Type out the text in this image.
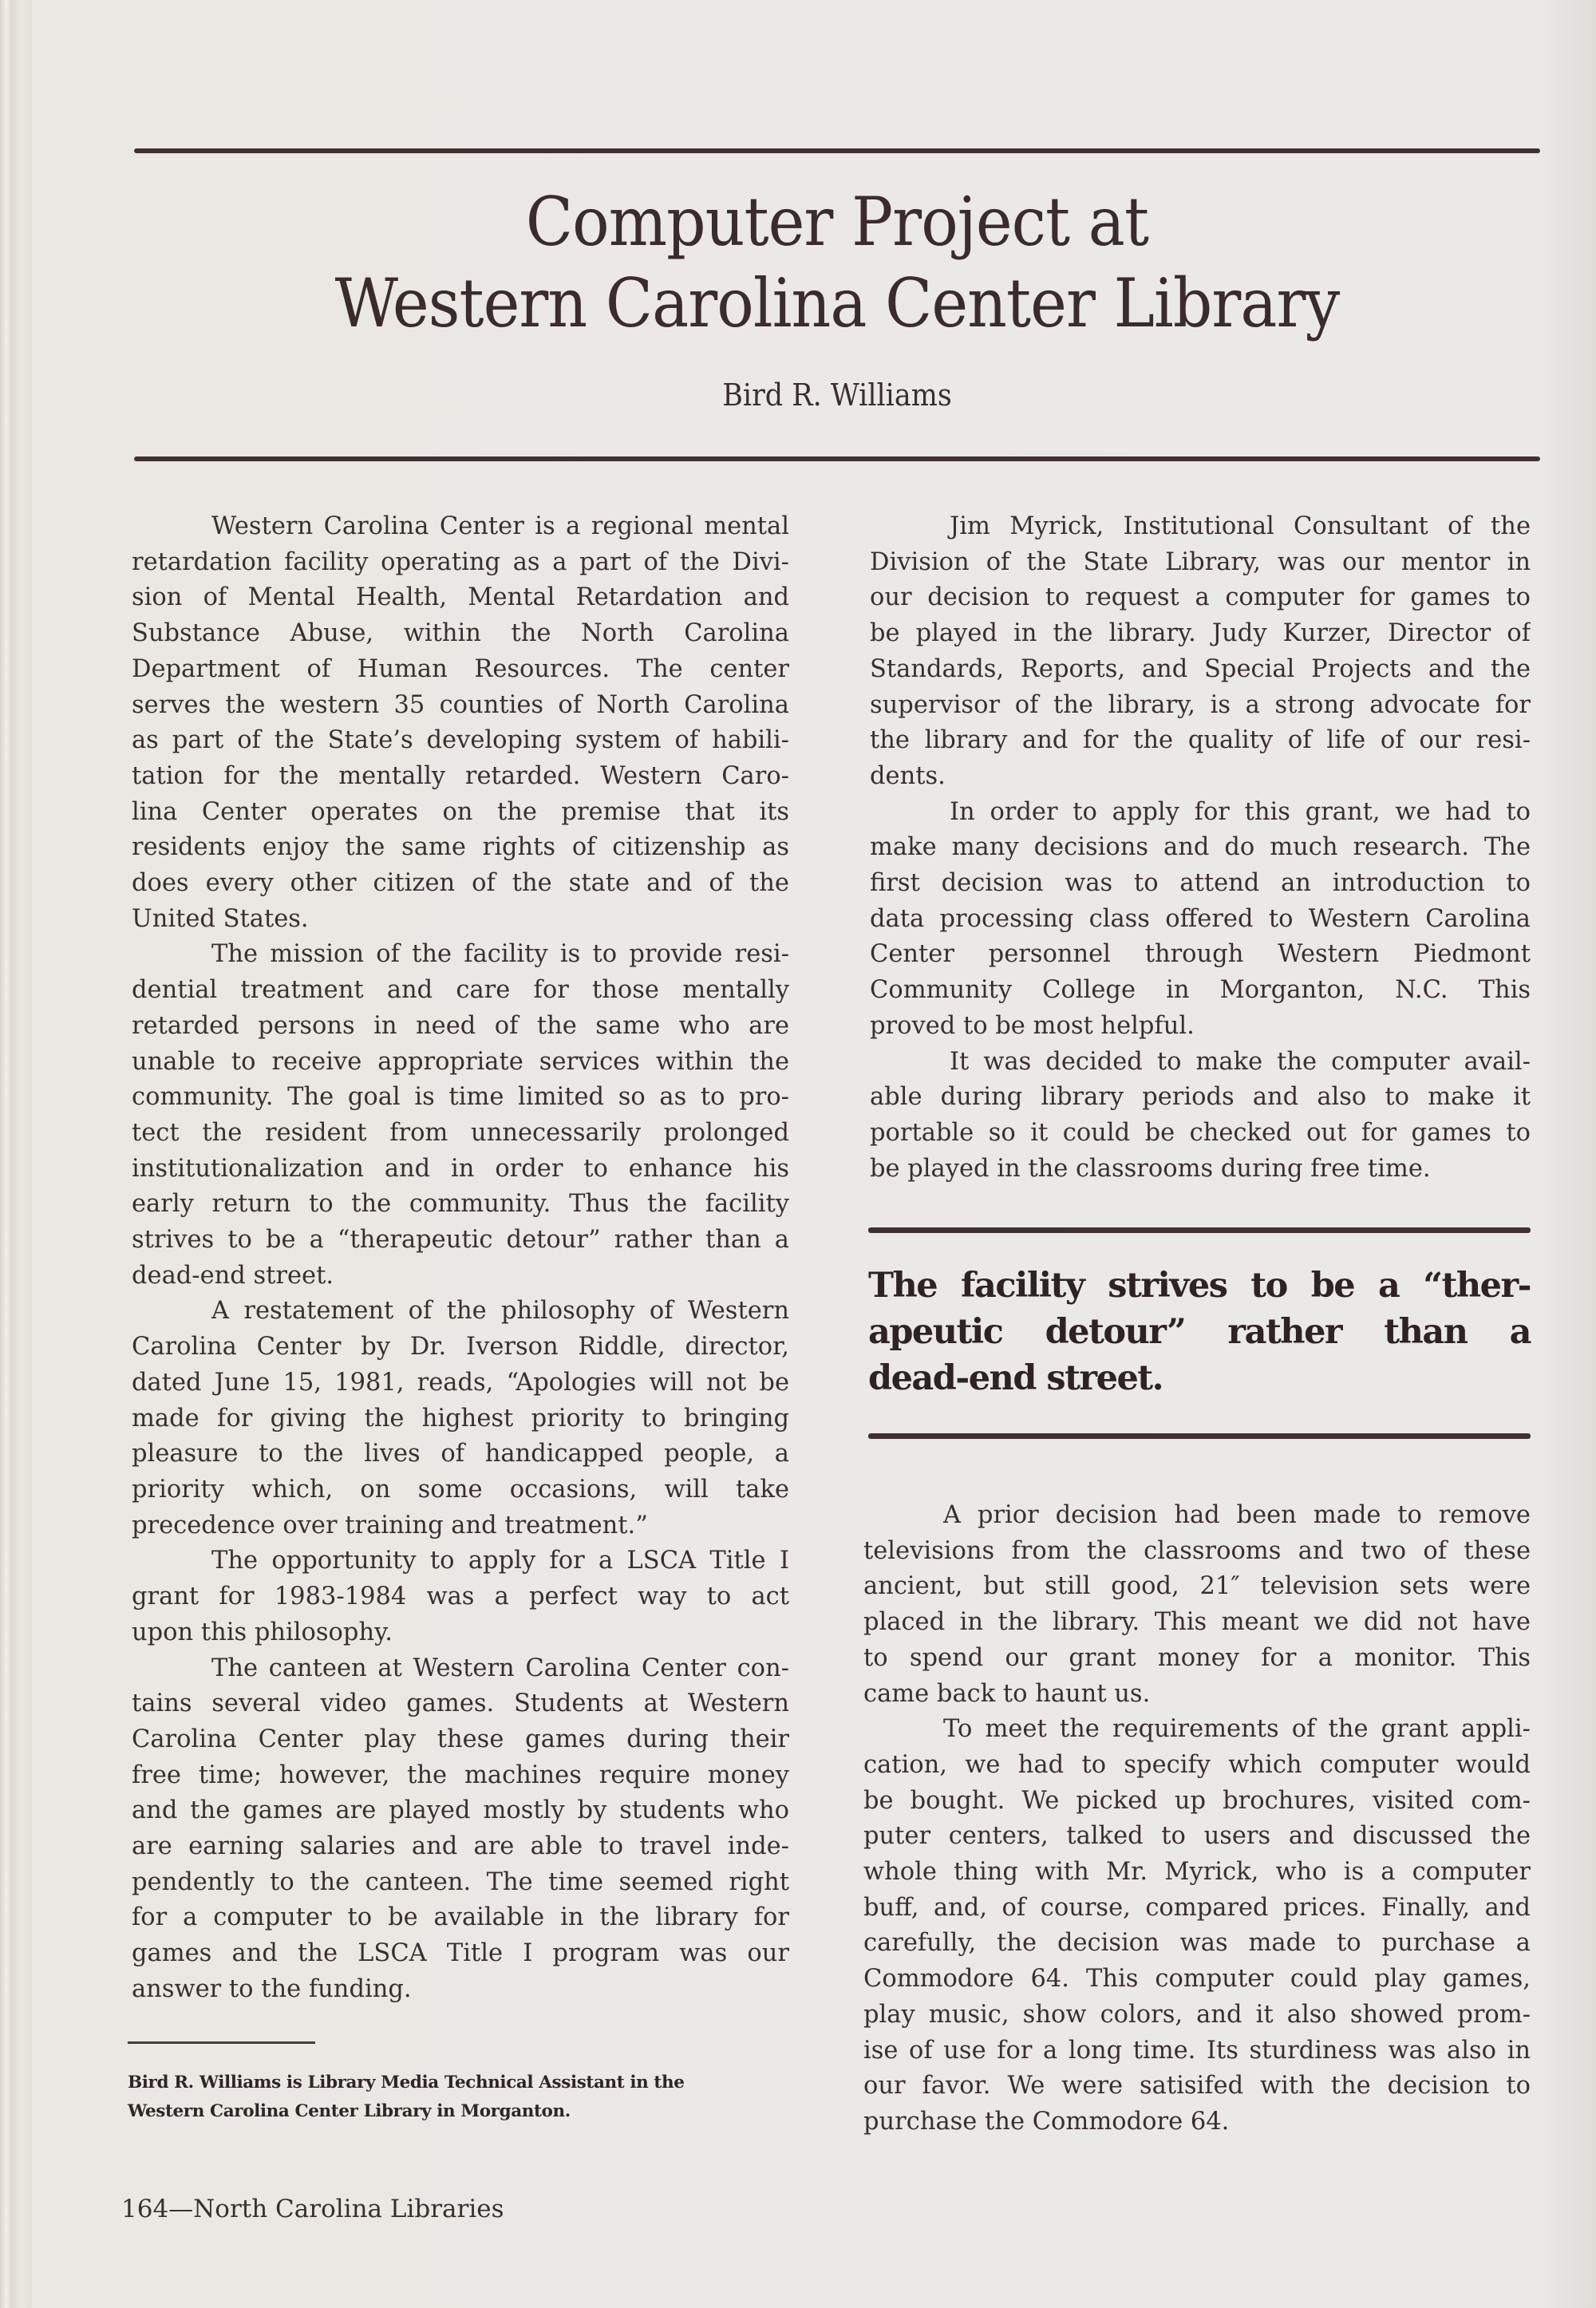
Computer Project at
Western Carolina Center Library
Bird R. Williams

Western Carolina Center is a regional mental
retardation facility operating as a part of the Divi-
sion of Mental Health, Mental Retardation and
Substance Abuse, within the North Carolina
Department of Human Resources. The center
serves the western 35 counties of North Carolina
as part of the State’s developing system of habili-
tation for the mentally retarded. Western Caro-
lina Center operates on the premise that its
residents enjoy the same rights of citizenship as
does every other citizen of the state and of the
United States.

The mission of the facility is to provide resi-
dential treatment and care for those mentally
retarded persons in need of the same who are
unable to receive appropriate services within the
community. The goal is time limited so as to pro-
tect the resident from unnecessarily prolonged
institutionalization and in order to enhance his
early return to the community. Thus the facility
strives to be a “therapeutic detour” rather than a
dead-end street.

A restatement of the philosophy of Western
Carolina Center by Dr. Iverson Riddle, director,
dated June 15, 1981, reads, “Apologies will not be
made for giving the highest priority to bringing
pleasure to the lives of handicapped people, a
priority which, on some occasions, will take
precedence over training and treatment.”

The opportunity to apply for a LSCA Title I
grant for 1983-1984 was a perfect way to act
upon this philosophy.

The canteen at Western Carolina Center con-
tains several video games. Students at Western
Carolina Center play these games during their
free time; however, the machines require money
and the games are played mostly by students who
are earning salaries and are able to travel inde-
pendently to the canteen. The time seemed right
for a computer to be available in the library for
games and the LSCA Title I program was our
answer to the funding.

Jim Myrick, Institutional Consultant of the
Division of the State Library, was our mentor in
our decision to request a computer for games to
be played in the library. Judy Kurzer, Director of
Standards, Reports, and Special Projects and the
supervisor of the library, is a strong advocate for
the library and for the quality of life of our resi-
dents.

In order to apply for this grant, we had to
make many decisions and do much research. The
first decision was to attend an introduction to
data processing class offered to Western Carolina
Center personnel through Western Piedmont
Community College in Morganton, N.C. This
proved to be most helpful.

It was decided to make the computer avail-
able during library periods and also to make it
portable so it could be checked out for games to
be played in the classrooms during free time.

The facility strives to be a “ther-
apeutic detour” rather than a
dead-end street.

A prior decision had been made to remove
televisions from the classrooms and two of these
ancient, but still good, 21″ television sets were
placed in the library. This meant we did not have
to spend our grant money for a monitor. This
came back to haunt us.

To meet the requirements of the grant appli-
cation, we had to specify which computer would
be bought. We picked up brochures, visited com-
puter centers, talked to users and discussed the
whole thing with Mr. Myrick, who is a computer
buff, and, of course, compared prices. Finally, and
carefully, the decision was made to purchase a
Commodore 64. This computer could play games,
play music, show colors, and it also showed prom-
ise of use for a long time. Its sturdiness was also in
our favor. We were satisifed with the decision to
purchase the Commodore 64.

Bird R. Williams is Library Media Technical Assistant in the
Western Carolina Center Library in Morganton.
164—North Carolina Libraries
